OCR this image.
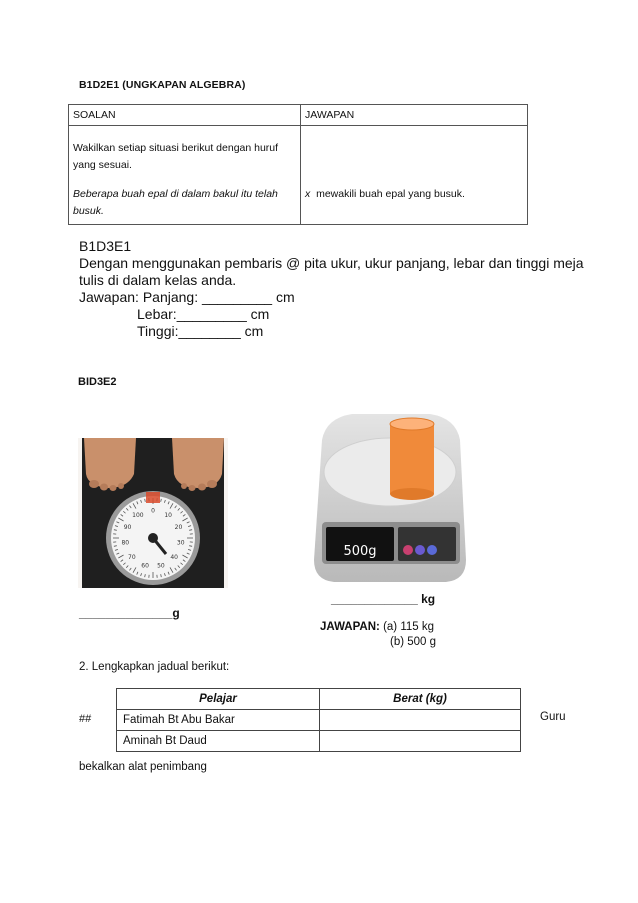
B1D2E1 (UNGKAPAN ALGEBRA)
SOALAN	JAWAPAN

Wakilkan setiap situasi berikut dengan huruf
yang sesuai.
Beberapa buah epal di dalam bakul itu telah
busuk.	x mewakili buah epal yang busuk.
B1D3E1
Dengan menggunakan pembaris @ pita ukur, ukur panjang, lebar dan tinggi meja
tulis di dalam kelas anda.
Jawapan: Panjang: _________ cm
Lebar:_________ cm
Tinggi:________ cm
BID3E2
0
10
20
30
40
50
60
70
80
90
100
500g
______________g
_____________ kg
JAWAPAN: (a) 115 kg
(b) 500 g
2. Lengkapkan jadual berikut:
##
Pelajar	Berat (kg)
Fatimah Bt Abu Bakar	
Aminah Bt Daud	
Guru
bekalkan alat penimbang
